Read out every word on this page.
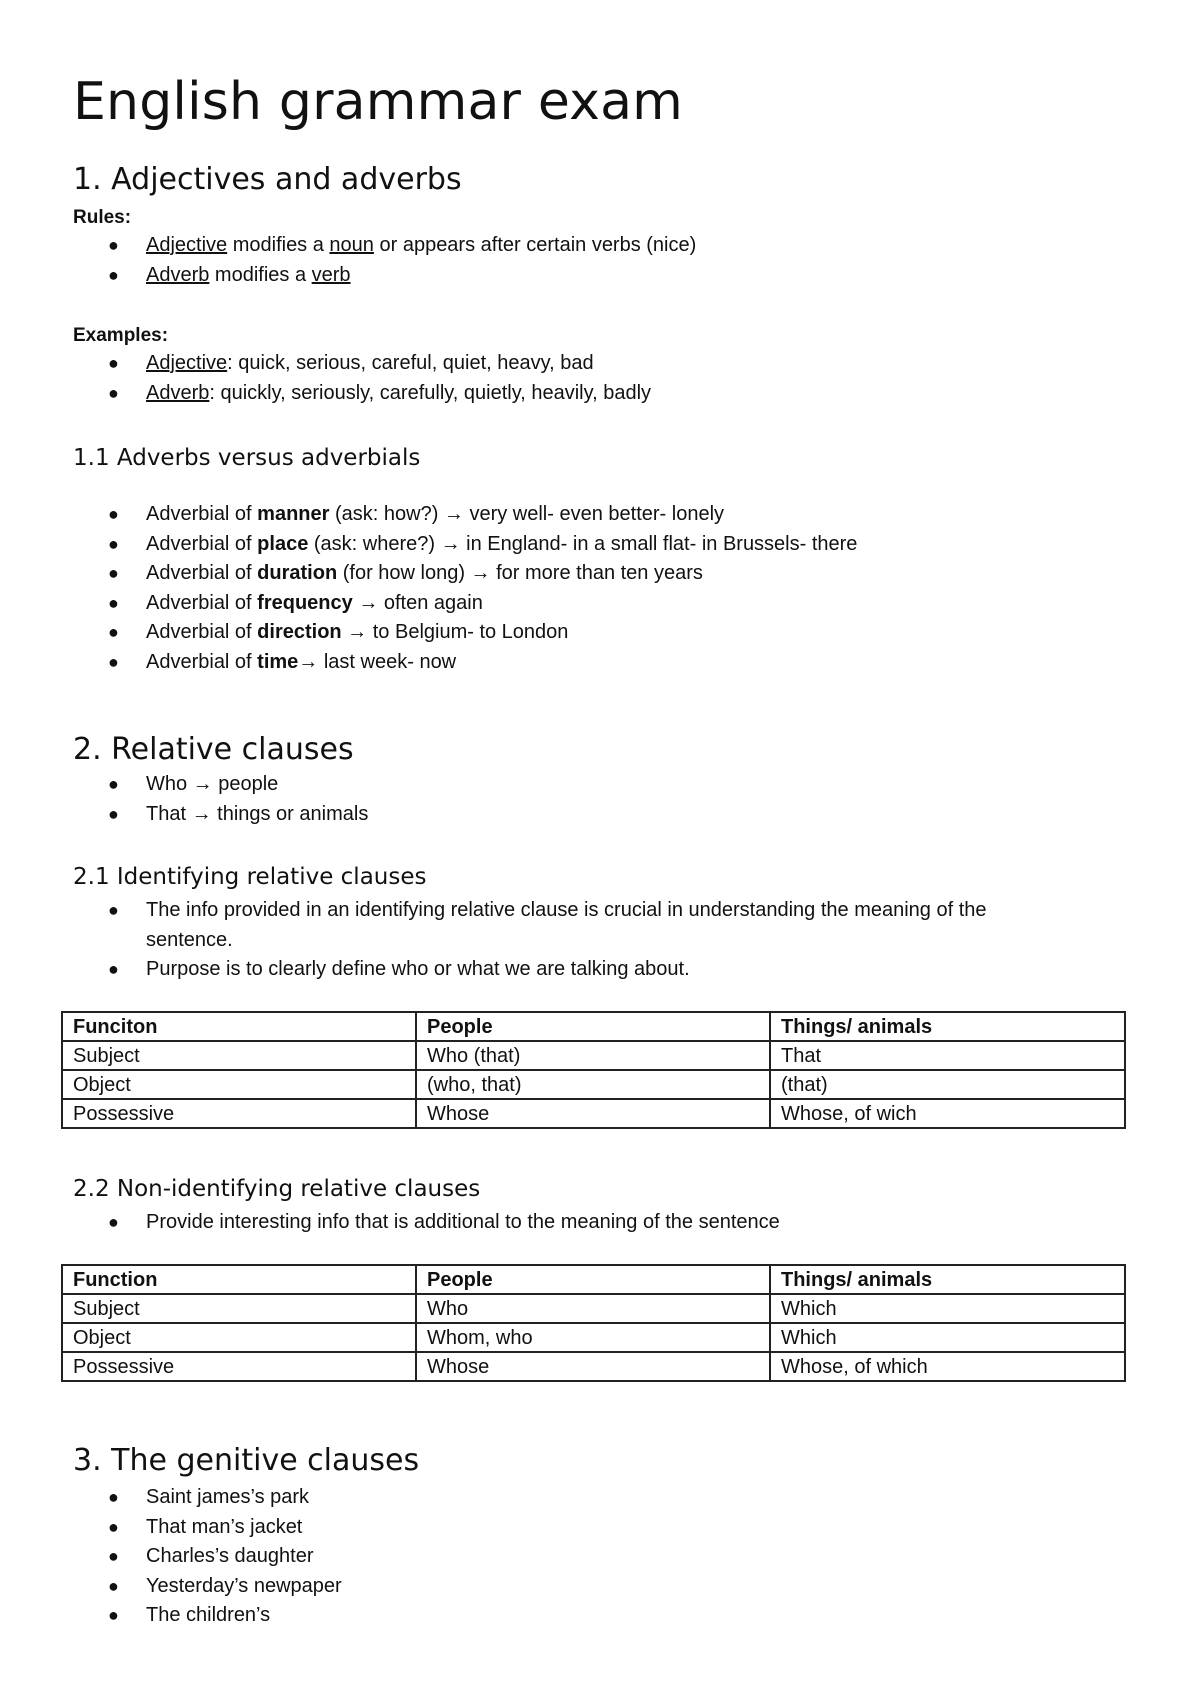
English grammar exam
1. Adjectives and adverbs
Rules:
● Adjective modifies a noun or appears after certain verbs (nice)
● Adverb modifies a verb
Examples:
● Adjective: quick, serious, careful, quiet, heavy, bad
● Adverb: quickly, seriously, carefully, quietly, heavily, badly
1.1 Adverbs versus adverbials
● Adverbial of manner (ask: how?) → very well- even better- lonely
● Adverbial of place (ask: where?) → in England- in a small flat- in Brussels- there
● Adverbial of duration (for how long) → for more than ten years
● Adverbial of frequency → often again
● Adverbial of direction → to Belgium- to London
● Adverbial of time→ last week- now
2. Relative clauses
● Who → people
● That → things or animals
2.1 Identifying relative clauses
● The info provided in an identifying relative clause is crucial in understanding the meaning of the
sentence.
● Purpose is to clearly define who or what we are talking about.
Funciton	People	Things/ animals
Subject	Who (that)	That
Object	(who, that)	(that)
Possessive	Whose	Whose, of wich
2.2 Non-identifying relative clauses
● Provide interesting info that is additional to the meaning of the sentence
Function	People	Things/ animals
Subject	Who	Which
Object	Whom, who	Which
Possessive	Whose	Whose, of which
3. The genitive clauses
● Saint james’s park
● That man’s jacket
● Charles’s daughter
● Yesterday’s newpaper
● The children’s
